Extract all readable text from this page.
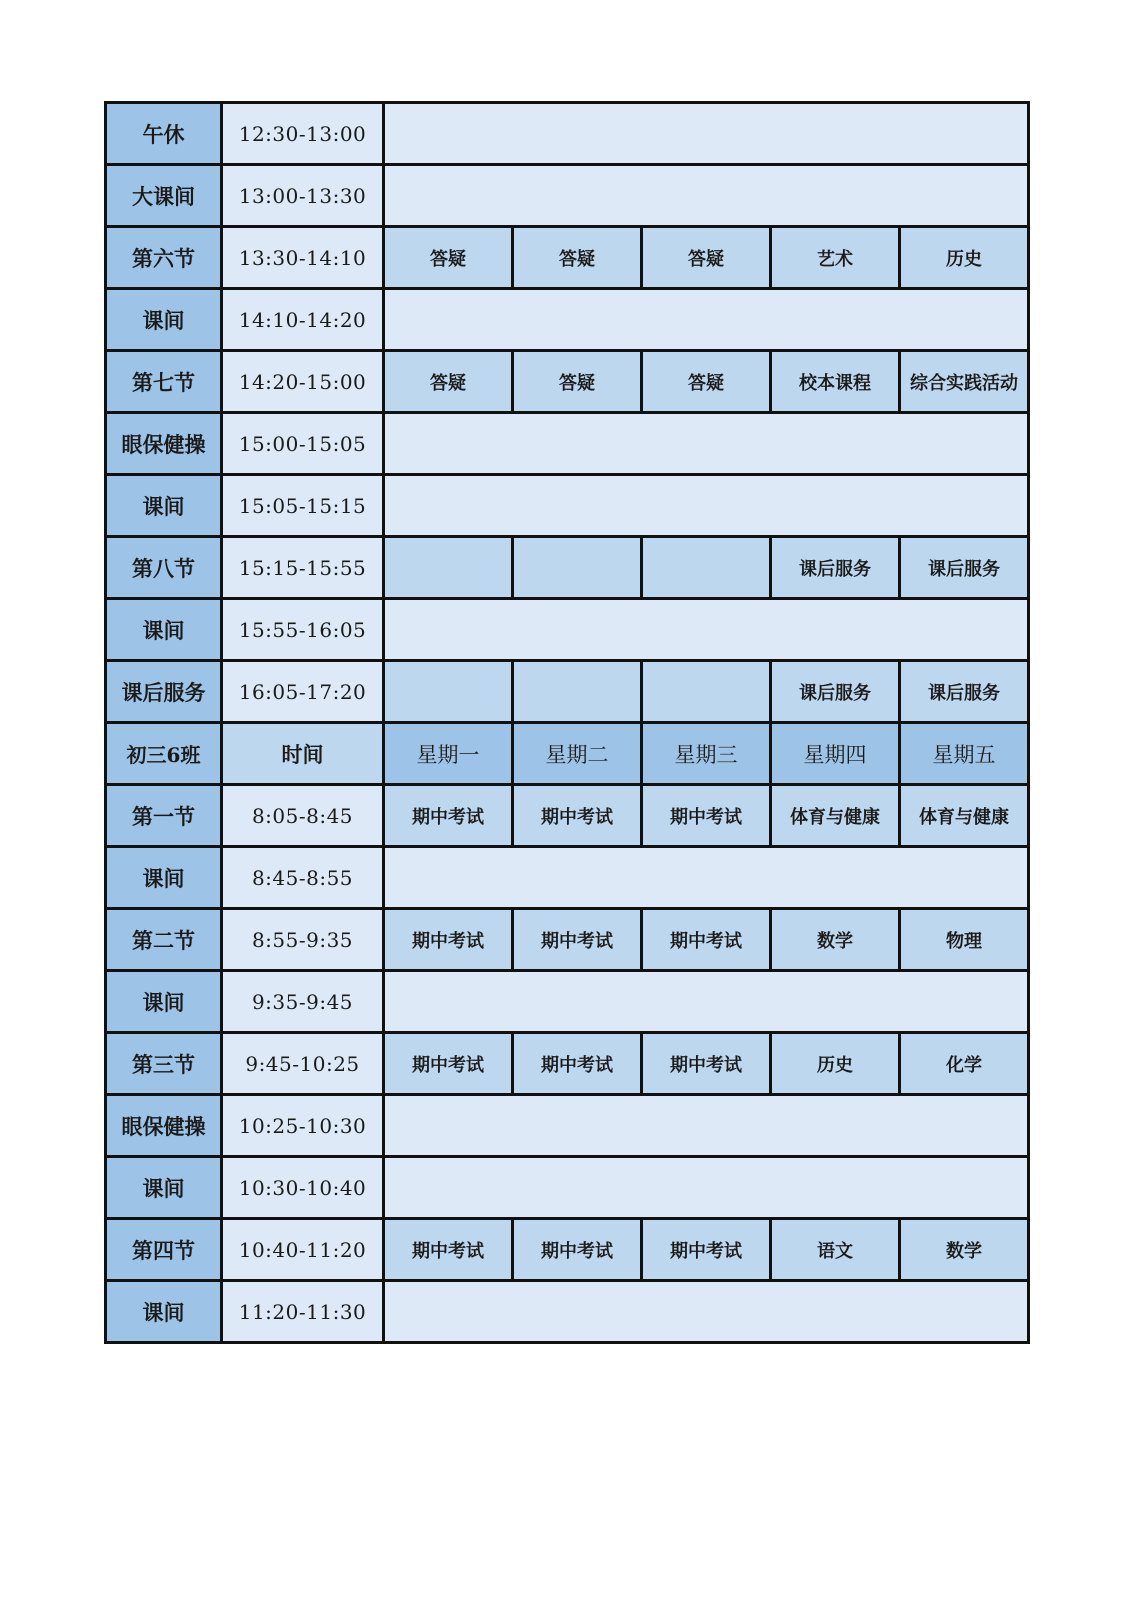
午休	12:30-13:00					
大课间	13:00-13:30					
第六节	13:30-14:10	答疑	答疑	答疑	艺术	历史
课间	14:10-14:20					
第七节	14:20-15:00	答疑	答疑	答疑	校本课程	综合实践活动
眼保健操	15:00-15:05					
课间	15:05-15:15					
第八节	15:15-15:55				课后服务	课后服务
课间	15:55-16:05					
课后服务	16:05-17:20				课后服务	课后服务
初三6班	时间	星期一	星期二	星期三	星期四	星期五
第一节	8:05-8:45	期中考试	期中考试	期中考试	体育与健康	体育与健康
课间	8:45-8:55					
第二节	8:55-9:35	期中考试	期中考试	期中考试	数学	物理
课间	9:35-9:45					
第三节	9:45-10:25	期中考试	期中考试	期中考试	历史	化学
眼保健操	10:25-10:30					
课间	10:30-10:40					
第四节	10:40-11:20	期中考试	期中考试	期中考试	语文	数学
课间	11:20-11:30					
